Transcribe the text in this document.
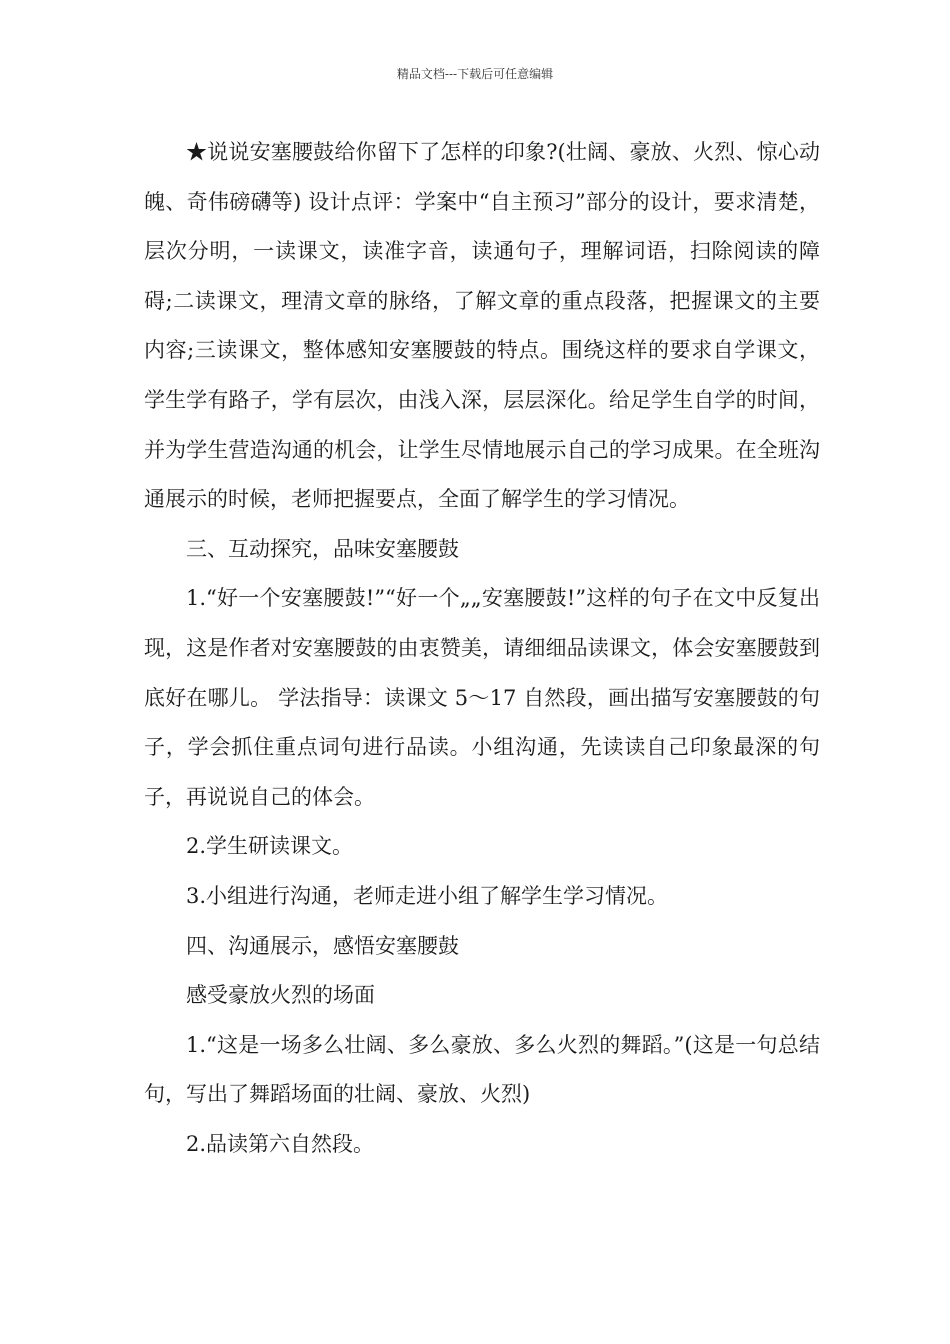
精品文档---下载后可任意编辑

★说说安塞腰鼓给你留下了怎样的印象?(壮阔、豪放、火烈、惊心动魄、奇伟磅礴等) 设计点评：学案中“自主预习”部分的设计，要求清楚，层次分明，一读课文，读准字音，读通句子，理解词语，扫除阅读的障碍;二读课文，理清文章的脉络，了解文章的重点段落，把握课文的主要内容;三读课文，整体感知安塞腰鼓的特点。围绕这样的要求自学课文，学生学有路子，学有层次，由浅入深，层层深化。给足学生自学的时间，并为学生营造沟通的机会，让学生尽情地展示自己的学习成果。在全班沟通展示的时候，老师把握要点，全面了解学生的学习情况。

三、互动探究，品味安塞腰鼓

1.“好一个安塞腰鼓!”“好一个„„安塞腰鼓!”这样的句子在文中反复出现，这是作者对安塞腰鼓的由衷赞美，请细细品读课文，体会安塞腰鼓到底好在哪儿。 学法指导：读课文 5～17 自然段，画出描写安塞腰鼓的句子，学会抓住重点词句进行品读。小组沟通，先读读自己印象最深的句子，再说说自己的体会。

2.学生研读课文。

3.小组进行沟通，老师走进小组了解学生学习情况。

四、沟通展示，感悟安塞腰鼓

感受豪放火烈的场面

1.“这是一场多么壮阔、多么豪放、多么火烈的舞蹈。”(这是一句总结句，写出了舞蹈场面的壮阔、豪放、火烈)

2.品读第六自然段。
